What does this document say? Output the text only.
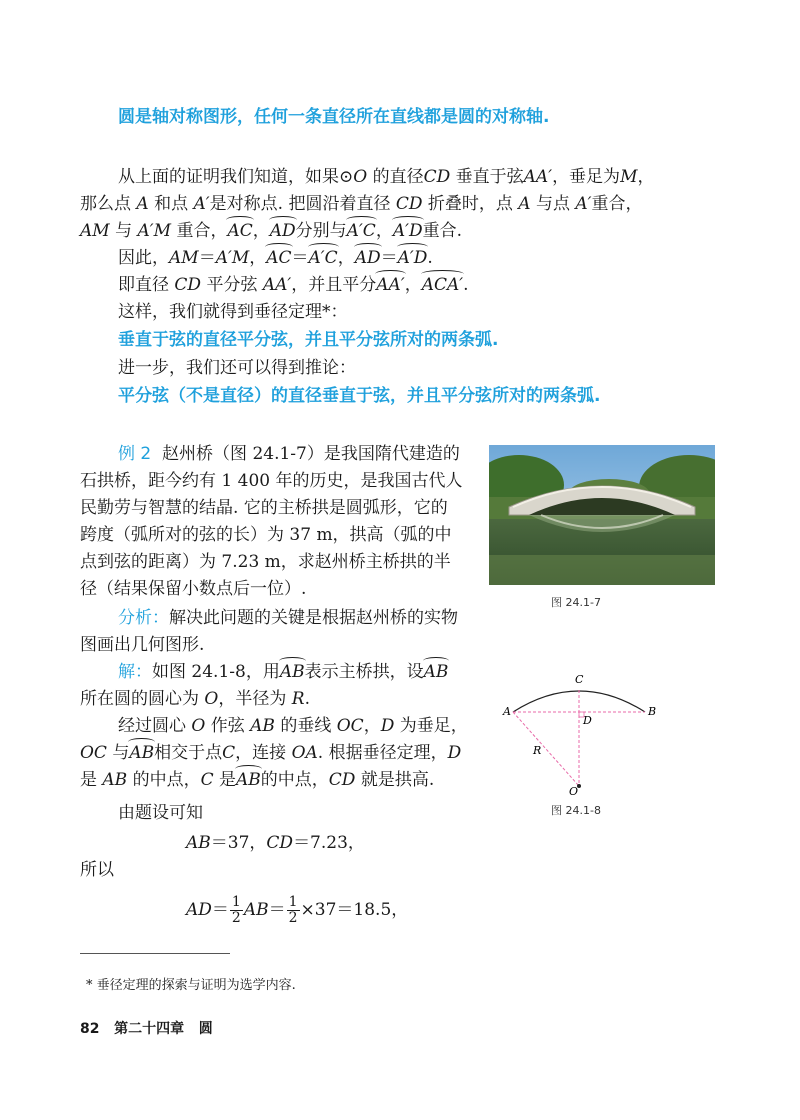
圆是轴对称图形，任何一条直径所在直线都是圆的对称轴.
从上面的证明我们知道，如果⊙O 的直径CD 垂直于弦AA′，垂足为M，
那么点 A 和点 A′是对称点. 把圆沿着直径 CD 折叠时，点 A 与点 A′重合，
AM 与 A′M 重合，AC，AD分别与A′C，A′D重合.
因此，AM＝A′M，AC＝A′C，AD＝A′D.
即直径 CD 平分弦 AA′，并且平分AA′，ACA′.
这样，我们就得到垂径定理*：
垂直于弦的直径平分弦，并且平分弦所对的两条弧.
进一步，我们还可以得到推论：
平分弦（不是直径）的直径垂直于弦，并且平分弦所对的两条弧.
例 2 赵州桥（图 24.1-7）是我国隋代建造的
石拱桥，距今约有 1 400 年的历史，是我国古代人
民勤劳与智慧的结晶. 它的主桥拱是圆弧形，它的
跨度（弧所对的弦的长）为 37 m，拱高（弧的中
点到弦的距离）为 7.23 m，求赵州桥主桥拱的半
径（结果保留小数点后一位）.
分析：解决此问题的关键是根据赵州桥的实物
图画出几何图形.
图 24.1-7
解：如图 24.1-8，用AB表示主桥拱，设AB
所在圆的圆心为 O，半径为 R.
经过圆心 O 作弦 AB 的垂线 OC，D 为垂足，
OC 与AB相交于点C，连接 OA. 根据垂径定理，D
是 AB 的中点，C 是AB的中点，CD 就是拱高.
由题设可知
AB＝37，CD＝7.23，
所以
$AD= \frac{1}{2} AB= \frac{1}{2} \times 37=18.5$，
A	B
C
D
O
R
图 24.1-8
* 垂径定理的探索与证明为选学内容.
82 第二十四章 圆
